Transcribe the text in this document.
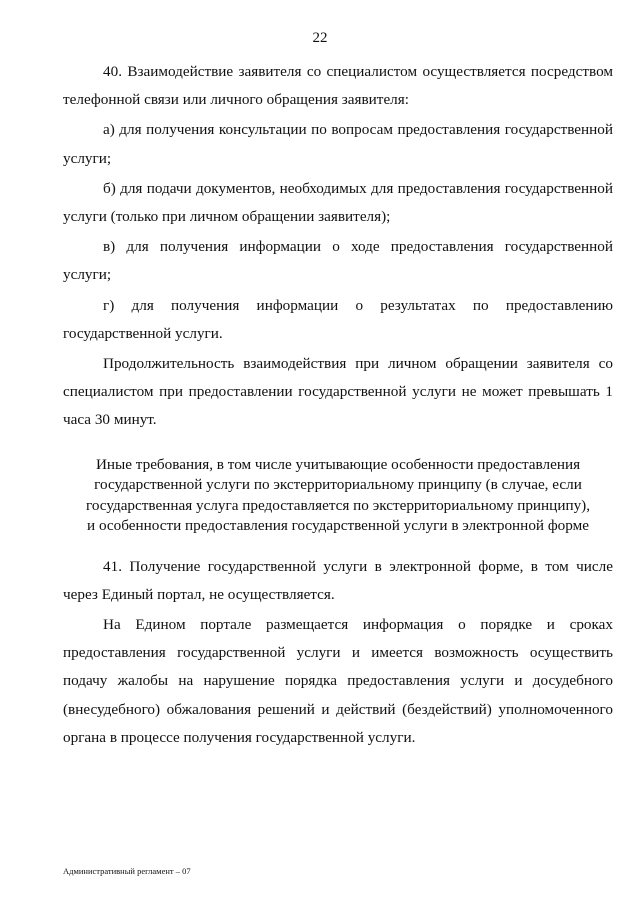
22

40. Взаимодействие заявителя со специалистом осуществляется посредством телефонной связи или личного обращения заявителя:

а) для получения консультации по вопросам предоставления государственной услуги;

б) для подачи документов, необходимых для предоставления государственной услуги (только при личном обращении заявителя);

в) для получения информации о ходе предоставления государственной услуги;

г) для получения информации о результатах по предоставлению государственной услуги.

Продолжительность взаимодействия при личном обращении заявителя со специалистом при предоставлении государственной услуги не может превышать 1 часа 30 минут.

Иные требования, в том числе учитывающие особенности предоставления
государственной услуги по экстерриториальному принципу (в случае, если
государственная услуга предоставляется по экстерриториальному принципу),
и особенности предоставления государственной услуги в электронной форме

41. Получение государственной услуги в электронной форме, в том числе через Единый портал, не осуществляется.

На Едином портале размещается информация о порядке и сроках предоставления государственной услуги и имеется возможность осуществить подачу жалобы на нарушение порядка предоставления услуги и досудебного (внесудебного) обжалования решений и действий (бездействий) уполномоченного органа в процессе получения государственной услуги.

Административный регламент – 07
